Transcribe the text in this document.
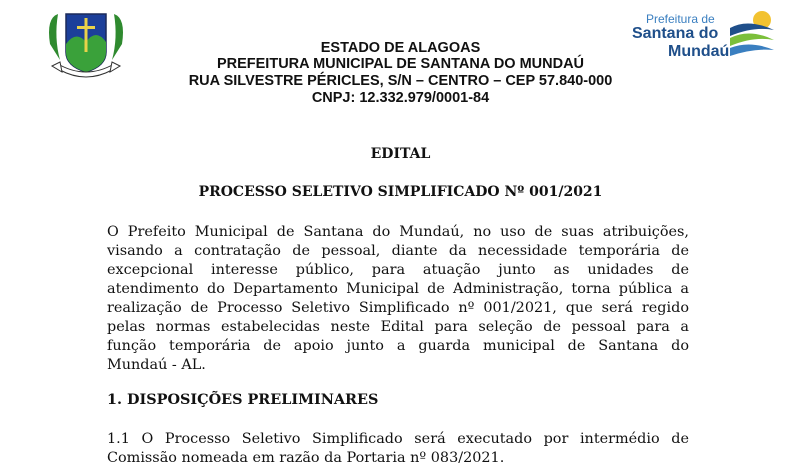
Prefeitura de
Santana do
Mundaú
ESTADO DE ALAGOAS
PREFEITURA MUNICIPAL DE SANTANA DO MUNDAÚ
RUA SILVESTRE PÉRICLES, S/N – CENTRO – CEP 57.840-000
CNPJ: 12.332.979/0001-84
EDITAL
PROCESSO SELETIVO SIMPLIFICADO Nº 001/2021
O Prefeito Municipal de Santana do Mundaú, no uso de suas atribuições,
visando a contratação de pessoal, diante da necessidade temporária de
excepcional interesse público, para atuação junto as unidades de
atendimento do Departamento Municipal de Administração, torna pública a
realização de Processo Seletivo Simplificado nº 001/2021, que será regido
pelas normas estabelecidas neste Edital para seleção de pessoal para a
função temporária de apoio junto a guarda municipal de Santana do
Mundaú - AL.
1. DISPOSIÇÕES PRELIMINARES
1.1 O Processo Seletivo Simplificado será executado por intermédio de
Comissão nomeada em razão da Portaria nº 083/2021.
